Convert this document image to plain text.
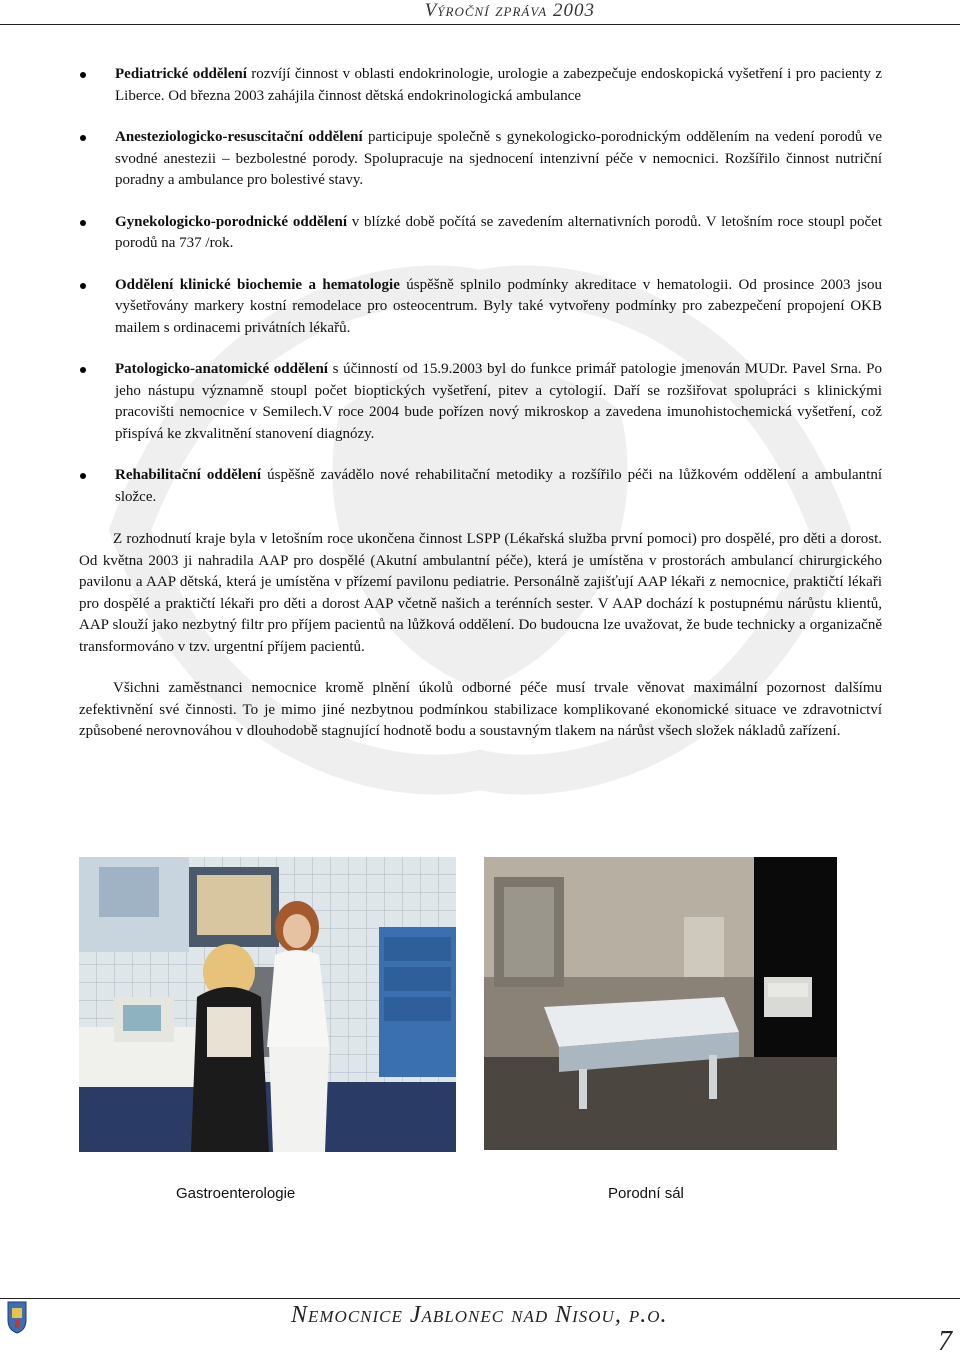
Výroční zpráva 2003
Pediatrické oddělení rozvíjí činnost v oblasti endokrinologie, urologie a zabezpečuje endoskopická vyšetření i pro pacienty z Liberce. Od března 2003 zahájila činnost dětská endokrinologická ambulance
Anesteziologicko-resuscitační oddělení participuje společně s gynekologicko-porodnickým oddělením na vedení porodů ve svodné anestezii – bezbolestné porody. Spolupracuje na sjednocení intenzivní péče v nemocnici. Rozšířilo činnost nutriční poradny a ambulance pro bolestivé stavy.
Gynekologicko-porodnické oddělení v blízké době počítá se zavedením alternativních porodů. V letošním roce stoupl počet porodů na 737 /rok.
Oddělení klinické biochemie a hematologie úspěšně splnilo podmínky akreditace v hematologii. Od prosince 2003 jsou vyšetřovány markery kostní remodelace pro osteocentrum. Byly také vytvořeny podmínky pro zabezpečení propojení OKB mailem s ordinacemi privátních lékařů.
Patologicko-anatomické oddělení s účinností od 15.9.2003 byl do funkce primář patologie jmenován MUDr. Pavel Srna. Po jeho nástupu významně stoupl počet bioptických vyšetření, pitev a cytologií. Daří se rozšiřovat spolupráci s klinickými pracovišti nemocnice v Semilech.V roce 2004 bude pořízen nový mikroskop a zavedena imunohistochemická vyšetření, což přispívá ke zkvalitnění stanovení diagnózy.
Rehabilitační oddělení úspěšně zavádělo nové rehabilitační metodiky a rozšířilo péči na lůžkovém oddělení a ambulantní složce.

Z rozhodnutí kraje byla v letošním roce ukončena činnost LSPP (Lékařská služba první pomoci) pro dospělé, pro děti a dorost. Od května 2003 ji nahradila AAP pro dospělé (Akutní ambulantní péče), která je umístěna v prostorách ambulancí chirurgického pavilonu a AAP dětská, která je umístěna v přízemí pavilonu pediatrie. Personálně zajišťují AAP lékaři z nemocnice, praktičtí lékaři pro dospělé a praktičtí lékaři pro děti a dorost AAP včetně našich a terénních sester. V AAP dochází k postupnému nárůstu klientů, AAP slouží jako nezbytný filtr pro příjem pacientů na lůžková oddělení. Do budoucna lze uvažovat, že bude technicky a organizačně transformováno v tzv. urgentní příjem pacientů.

Všichni zaměstnanci nemocnice kromě plnění úkolů odborné péče musí trvale věnovat maximální pozornost dalšímu zefektivnění své činnosti. To je mimo jiné nezbytnou podmínkou stabilizace komplikované ekonomické situace ve zdravotnictví způsobené nerovnováhou v dlouhodobě stagnující hodnotě bodu a soustavným tlakem na nárůst všech složek nákladů zařízení.

Gastroenterologie	Porodní sál
Nemocnice Jablonec nad Nisou, p.o.
7
